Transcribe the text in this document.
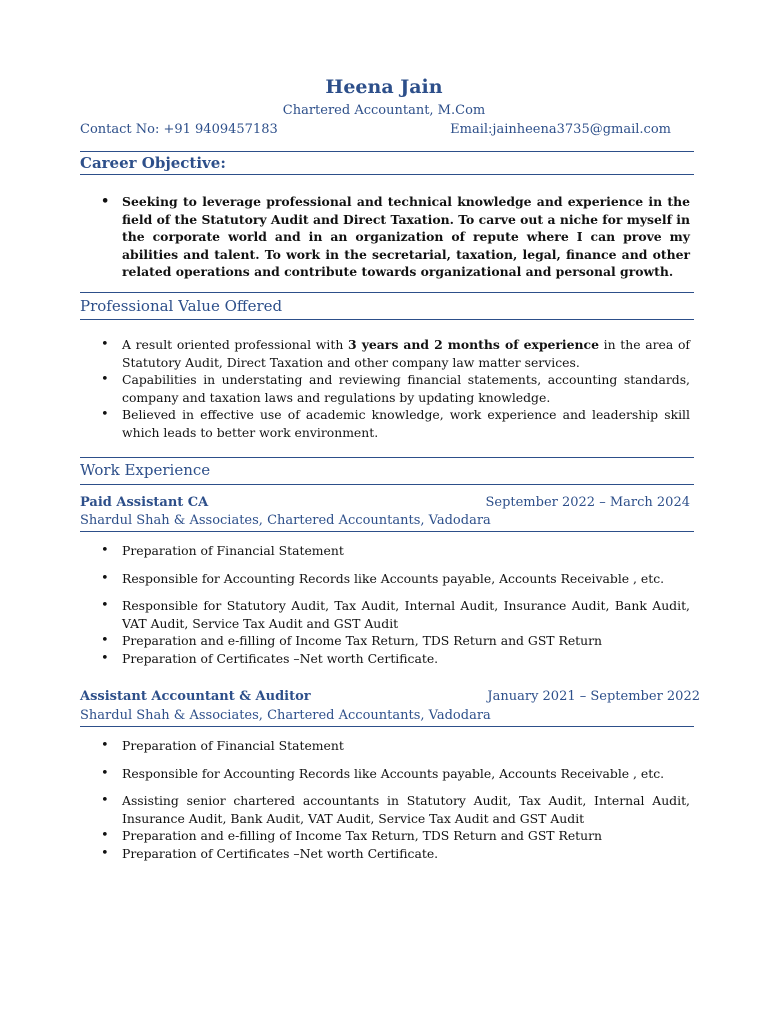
Heena Jain
Chartered Accountant, M.Com
Contact No: +91 9409457183	Email:jainheena3735@gmail.com
Career Objective:
• Seeking to leverage professional and technical knowledge and experience in the field of the Statutory Audit and Direct Taxation. To carve out a niche for myself in the corporate world and in an organization of repute where I can prove my abilities and talent. To work in the secretarial, taxation, legal, finance and other related operations and contribute towards organizational and personal growth.
Professional Value Offered
• A result oriented professional with 3 years and 2 months of experience in the area of Statutory Audit, Direct Taxation and other company law matter services.
• Capabilities in understating and reviewing financial statements, accounting standards, company and taxation laws and regulations by updating knowledge.
• Believed in effective use of academic knowledge, work experience and leadership skill which leads to better work environment.
Work Experience
Paid Assistant CA	September 2022 – March 2024
Shardul Shah & Associates, Chartered Accountants, Vadodara
• Preparation of Financial Statement
• Responsible for Accounting Records like Accounts payable, Accounts Receivable , etc.
• Responsible for Statutory Audit, Tax Audit, Internal Audit, Insurance Audit, Bank Audit, VAT Audit, Service Tax Audit and GST Audit
• Preparation and e-filling of Income Tax Return, TDS Return and GST Return
• Preparation of Certificates –Net worth Certificate.
Assistant Accountant & Auditor	January 2021 – September 2022
Shardul Shah & Associates, Chartered Accountants, Vadodara
• Preparation of Financial Statement
• Responsible for Accounting Records like Accounts payable, Accounts Receivable , etc.
• Assisting senior chartered accountants in Statutory Audit, Tax Audit, Internal Audit, Insurance Audit, Bank Audit, VAT Audit, Service Tax Audit and GST Audit
• Preparation and e-filling of Income Tax Return, TDS Return and GST Return
• Preparation of Certificates –Net worth Certificate.
